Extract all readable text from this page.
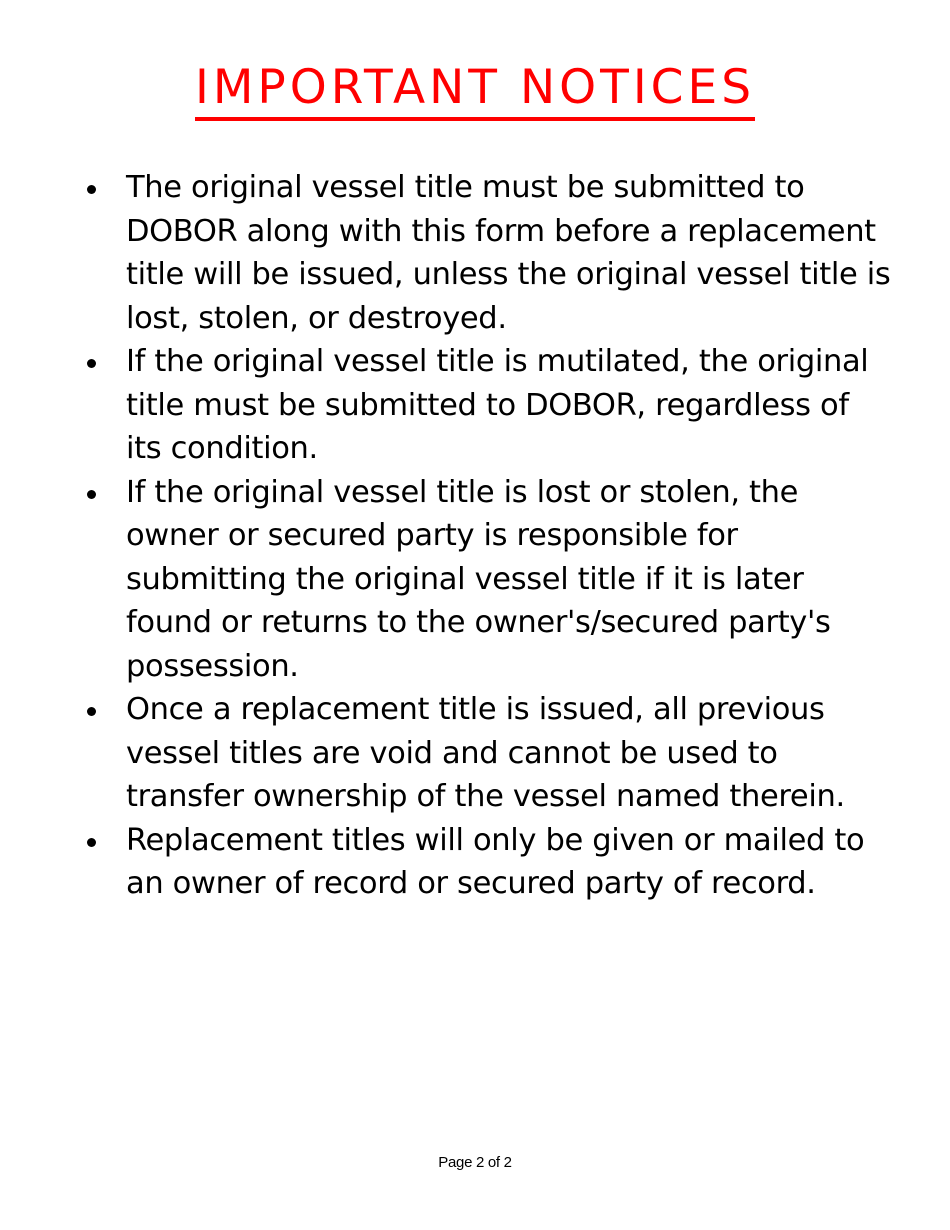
IMPORTANT NOTICES
The original vessel title must be submitted to DOBOR along with this form before a replacement title will be issued, unless the original vessel title is lost, stolen, or destroyed.
If the original vessel title is mutilated, the original title must be submitted to DOBOR, regardless of its condition.
If the original vessel title is lost or stolen, the owner or secured party is responsible for submitting the original vessel title if it is later found or returns to the owner's/secured party's possession.
Once a replacement title is issued, all previous vessel titles are void and cannot be used to transfer ownership of the vessel named therein.
Replacement titles will only be given or mailed to an owner of record or secured party of record.
Page 2 of 2
